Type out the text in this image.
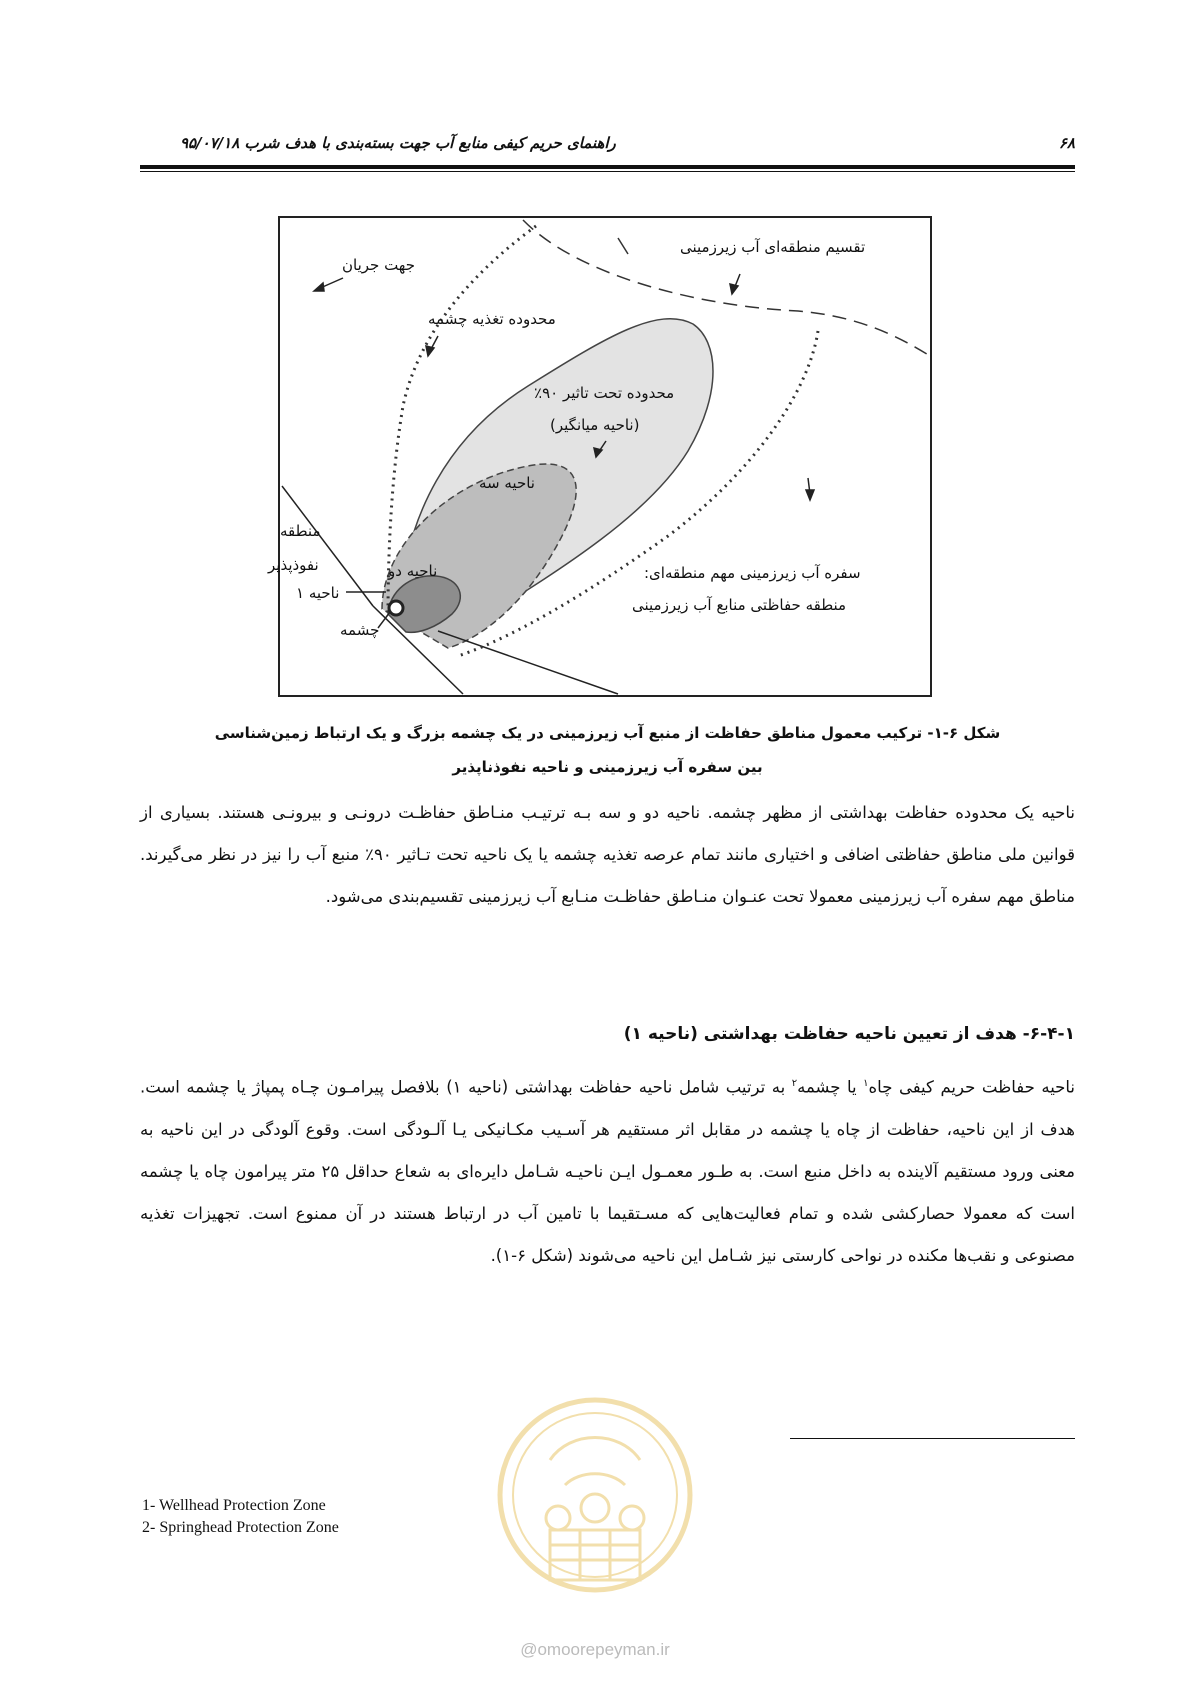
۶۸
راهنمای حریم کیفی منابع آب جهت بسته‌بندی با هدف شرب ۹۵/۰۷/۱۸
جهت جریان
تقسیم منطقه‌ای آب زیرزمینی
محدوده تغذیه چشمه
محدوده تحت تاثیر ۹۰٪
(ناحیه میانگیر)
ناحیه سه
منطقه
نفوذپذیر	ناحیه دو
ناحیه ۱
چشمه
سفره آب زیرزمینی مهم منطقه‌ای:
منطقه حفاظتی منابع آب زیرزمینی
شکل ۶-۱- ترکیب معمول مناطق حفاظت از منبع آب زیرزمینی در یک چشمه بزرگ و یک ارتباط زمین‌شناسی
بین سفره آب زیرزمینی و ناحیه نفوذناپذیر

ناحیه یک محدوده حفاظت بهداشتی از مظهر چشمه. ناحیه دو و سه بـه ترتیـب منـاطق حفاظـت درونـی و بیرونـی هستند. بسیاری از قوانین ملی مناطق حفاظتی اضافی و اختیاری مانند تمام عرصه تغذیه چشمه یا یک ناحیه تحت تـاثیر ۹۰٪ منبع آب را نیز در نظر می‌گیرند. مناطق مهم سفره آب زیرزمینی معمولا تحت عنـوان منـاطق حفاظـت منـابع آب زیرزمینی تقسیم‌بندی می‌شود.

۶-۴-۱- هدف از تعیین ناحیه حفاظت بهداشتی (ناحیه ۱)

ناحیه حفاظت حریم کیفی چاه$^۱$ یا چشمه$^۲$ به ترتیب شامل ناحیه حفاظت بهداشتی (ناحیه ۱) بلافصل پیرامـون چـاه پمپاژ یا چشمه است. هدف از این ناحیه، حفاظت از چاه یا چشمه در مقابل اثر مستقیم هر آسـیب مکـانیکی یـا آلـودگی است. وقوع آلودگی در این ناحیه به معنی ورود مستقیم آلاینده به داخل منبع است. به طـور معمـول ایـن ناحیـه شـامل دایره‌ای به شعاع حداقل ۲۵ متر پیرامون چاه یا چشمه است که معمولا حصارکشی شده و تمام فعالیت‌هایی که مسـتقیما با تامین آب در ارتباط هستند در آن ممنوع است. تجهیزات تغذیه مصنوعی و نقب‌ها مکنده در نواحی کارستی نیز شـامل این ناحیه می‌شوند (شکل ۶-۱).

@omoorepeyman.ir
1- Wellhead Protection Zone
2- Springhead Protection Zone
